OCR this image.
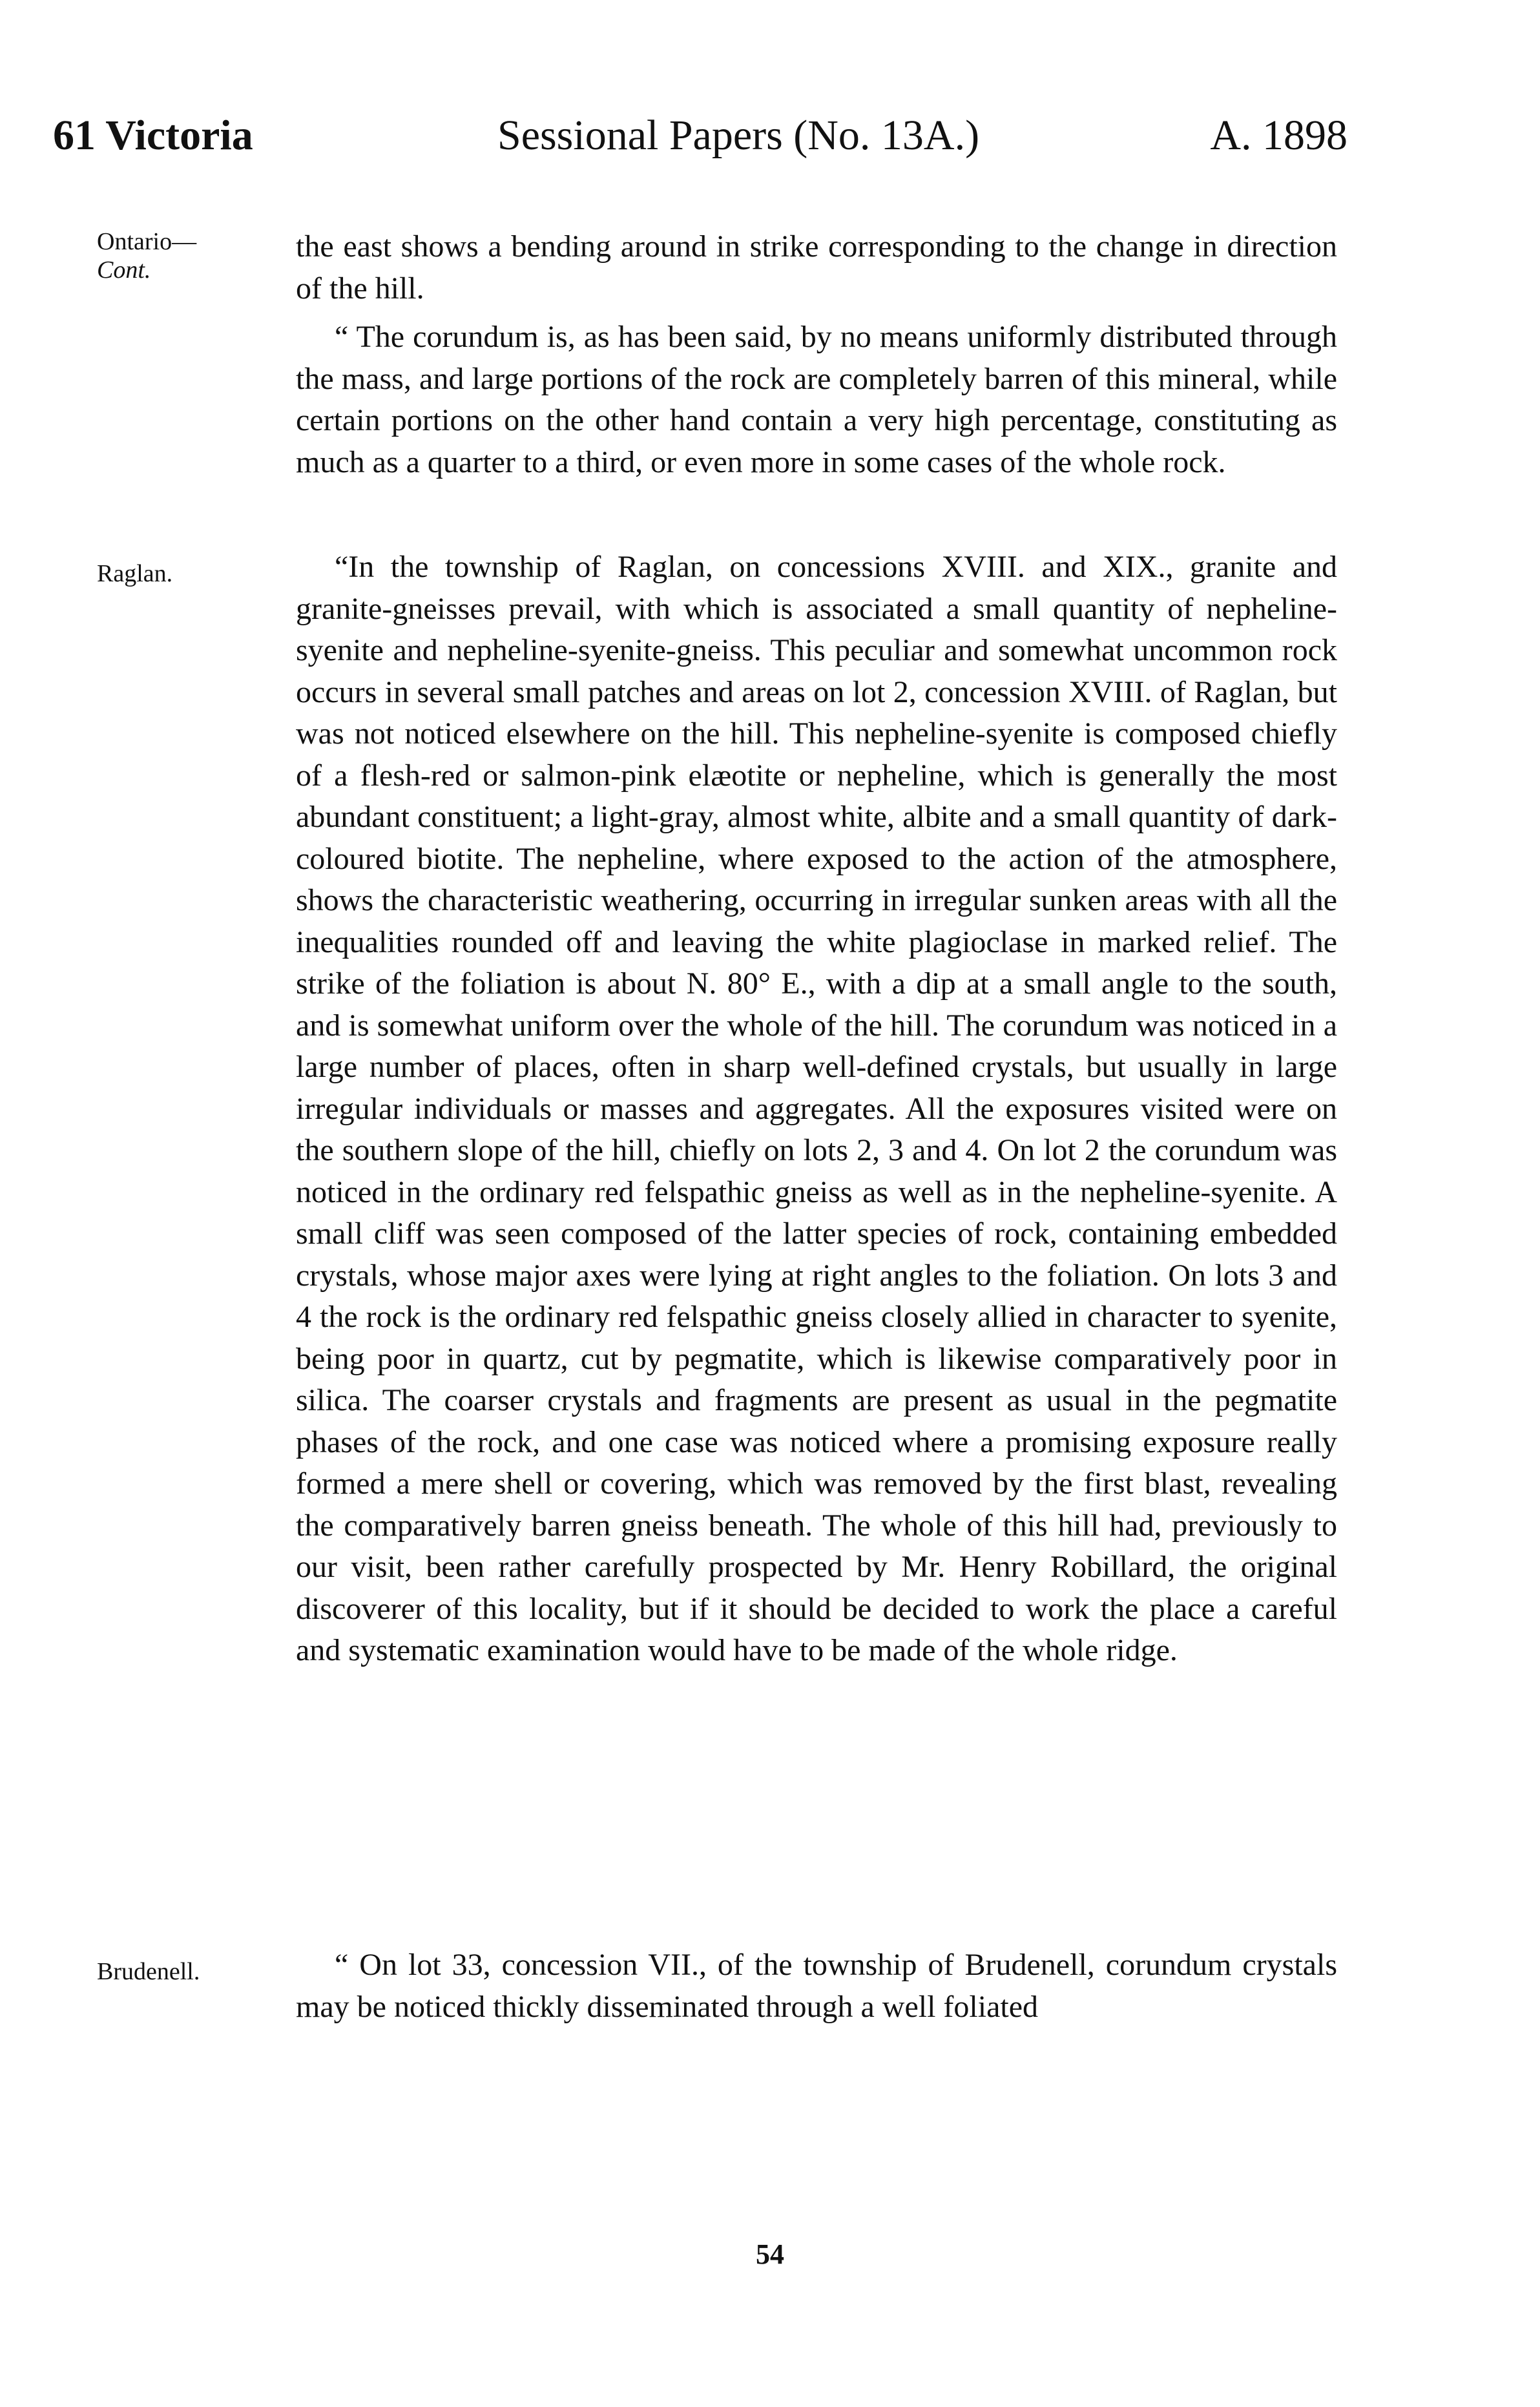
61 Victoria	Sessional Papers (No. 13A.)	A. 1898
Ontario—
Cont.
Raglan.
Brudenell.

the east shows a bending around in strike corresponding to the change in direction of the hill.

“ The corundum is, as has been said, by no means uniformly distributed through the mass, and large portions of the rock are completely barren of this mineral, while certain portions on the other hand contain a very high percentage, constituting as much as a quarter to a third, or even more in some cases of the whole rock.

“In the township of Raglan, on concessions XVIII. and XIX., granite and granite-gneisses prevail, with which is associated a small quantity of nepheline-syenite and nepheline-syenite-gneiss. This peculiar and somewhat uncommon rock occurs in several small patches and areas on lot 2, concession XVIII. of Raglan, but was not noticed elsewhere on the hill. This nepheline-syenite is composed chiefly of a flesh-red or salmon-pink elæotite or nepheline, which is generally the most abundant constituent; a light-gray, almost white, albite and a small quantity of dark-coloured biotite. The nepheline, where exposed to the action of the atmosphere, shows the characteristic weathering, occurring in irregular sunken areas with all the inequalities rounded off and leaving the white plagioclase in marked relief. The strike of the foliation is about N. 80° E., with a dip at a small angle to the south, and is somewhat uniform over the whole of the hill. The corundum was noticed in a large number of places, often in sharp well-defined crystals, but usually in large irregular individuals or masses and aggregates. All the exposures visited were on the southern slope of the hill, chiefly on lots 2, 3 and 4. On lot 2 the corundum was noticed in the ordinary red felspathic gneiss as well as in the nepheline-syenite. A small cliff was seen composed of the latter species of rock, containing embedded crystals, whose major axes were lying at right angles to the foliation. On lots 3 and 4 the rock is the ordinary red felspathic gneiss closely allied in character to syenite, being poor in quartz, cut by pegmatite, which is likewise comparatively poor in silica. The coarser crystals and fragments are present as usual in the pegmatite phases of the rock, and one case was noticed where a promising exposure really formed a mere shell or covering, which was removed by the first blast, revealing the comparatively barren gneiss beneath. The whole of this hill had, previously to our visit, been rather carefully prospected by Mr. Henry Robillard, the original discoverer of this locality, but if it should be decided to work the place a careful and systematic examination would have to be made of the whole ridge.

“ On lot 33, concession VII., of the township of Brudenell, corundum crystals may be noticed thickly disseminated through a well foliated

54
